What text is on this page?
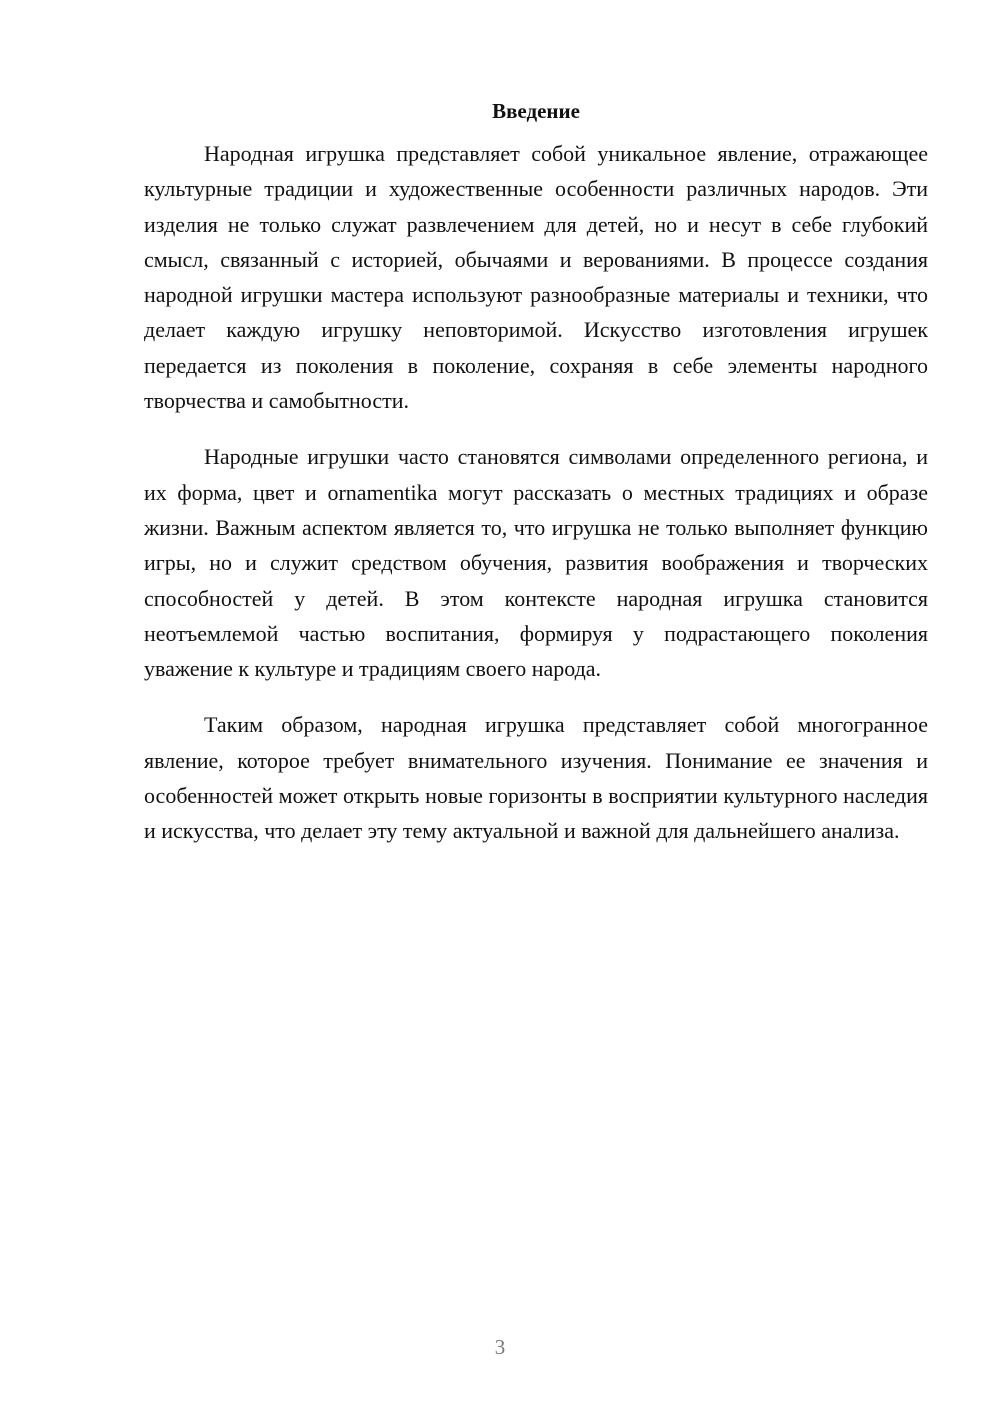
Введение

Народная игрушка представляет собой уникальное явление, отражающее культурные традиции и художественные особенности различных народов. Эти изделия не только служат развлечением для детей, но и несут в себе глубокий смысл, связанный с историей, обычаями и верованиями. В процессе создания народной игрушки мастера используют разнообразные материалы и техники, что делает каждую игрушку неповторимой. Искусство изготовления игрушек передается из поколения в поколение, сохраняя в себе элементы народного творчества и самобытности.

Народные игрушки часто становятся символами определенного региона, и их форма, цвет и ornamentika могут рассказать о местных традициях и образе жизни. Важным аспектом является то, что игрушка не только выполняет функцию игры, но и служит средством обучения, развития воображения и творческих способностей у детей. В этом контексте народная игрушка становится неотъемлемой частью воспитания, формируя у подрастающего поколения уважение к культуре и традициям своего народа.

Таким образом, народная игрушка представляет собой многогранное явление, которое требует внимательного изучения. Понимание ее значения и особенностей может открыть новые горизонты в восприятии культурного наследия и искусства, что делает эту тему актуальной и важной для дальнейшего анализа.

3
